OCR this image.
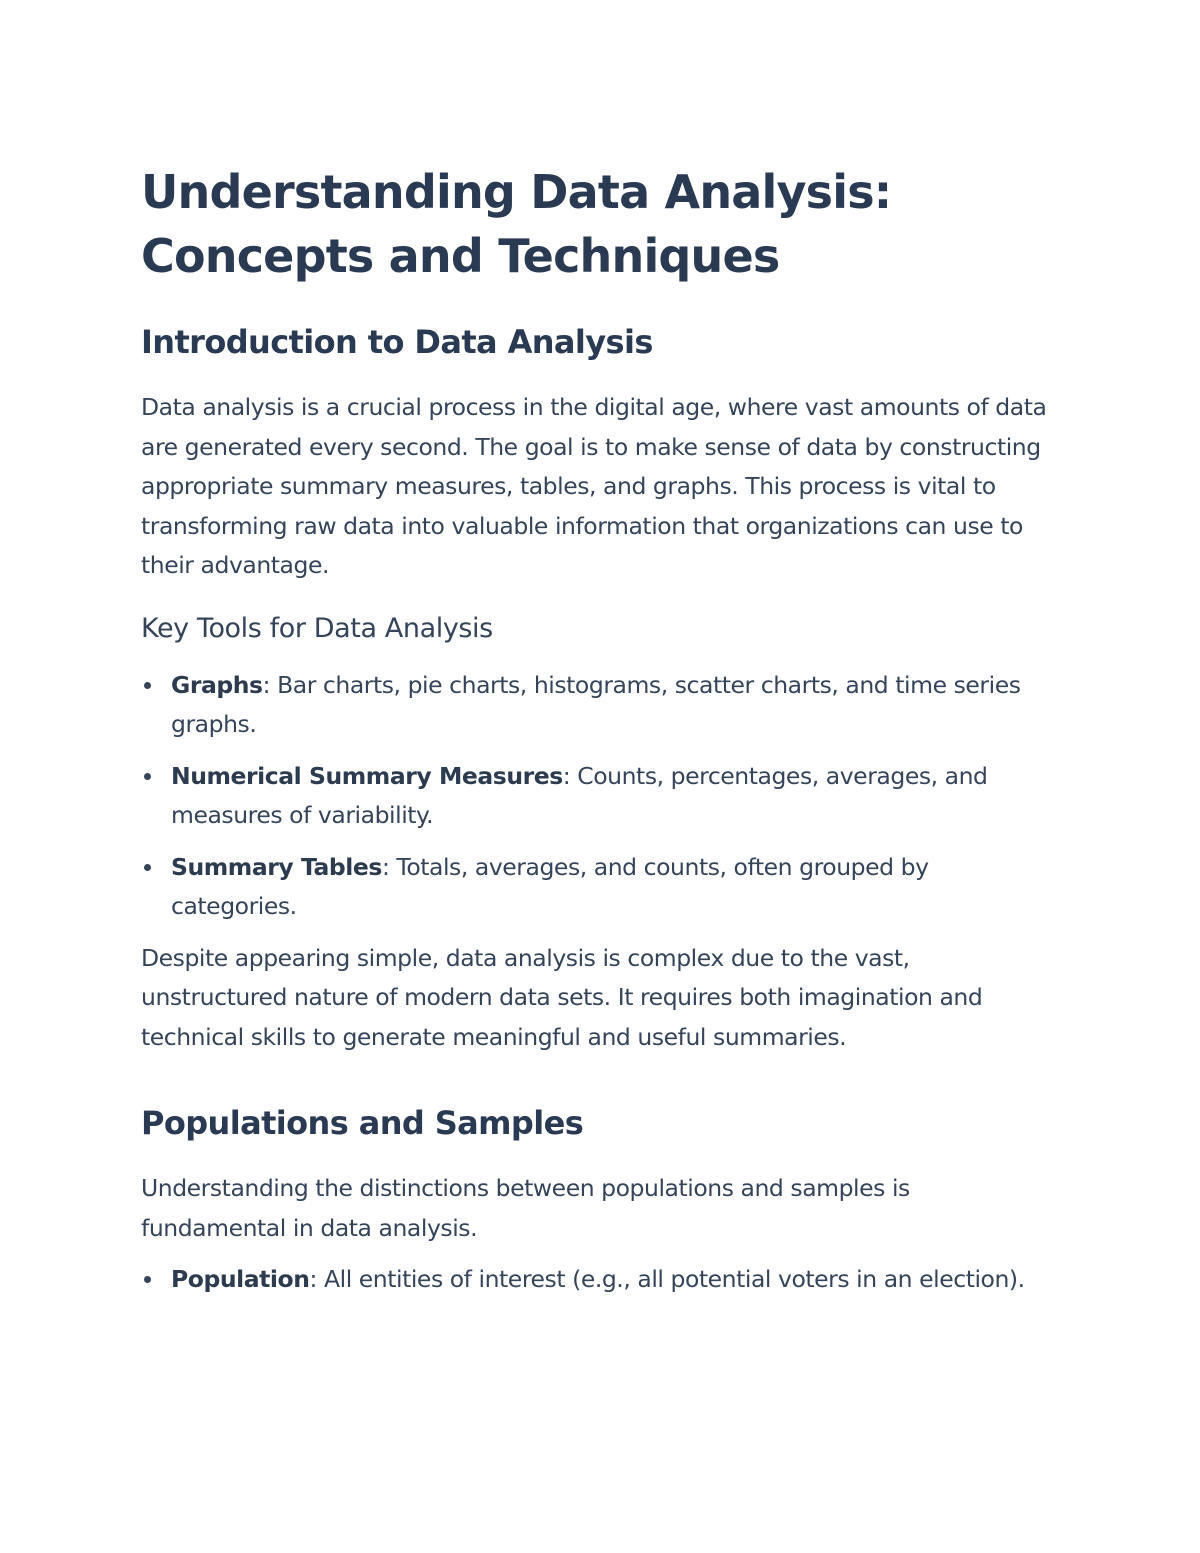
Understanding Data Analysis: Concepts and Techniques
Introduction to Data Analysis

Data analysis is a crucial process in the digital age, where vast amounts of data are generated every second. The goal is to make sense of data by constructing appropriate summary measures, tables, and graphs. This process is vital to transforming raw data into valuable information that organizations can use to their advantage.

Key Tools for Data Analysis
Graphs: Bar charts, pie charts, histograms, scatter charts, and time series graphs.
Numerical Summary Measures: Counts, percentages, averages, and measures of variability.
Summary Tables: Totals, averages, and counts, often grouped by categories.

Despite appearing simple, data analysis is complex due to the vast, unstructured nature of modern data sets. It requires both imagination and technical skills to generate meaningful and useful summaries.

Populations and Samples

Understanding the distinctions between populations and samples is fundamental in data analysis.

Population: All entities of interest (e.g., all potential voters in an election).
